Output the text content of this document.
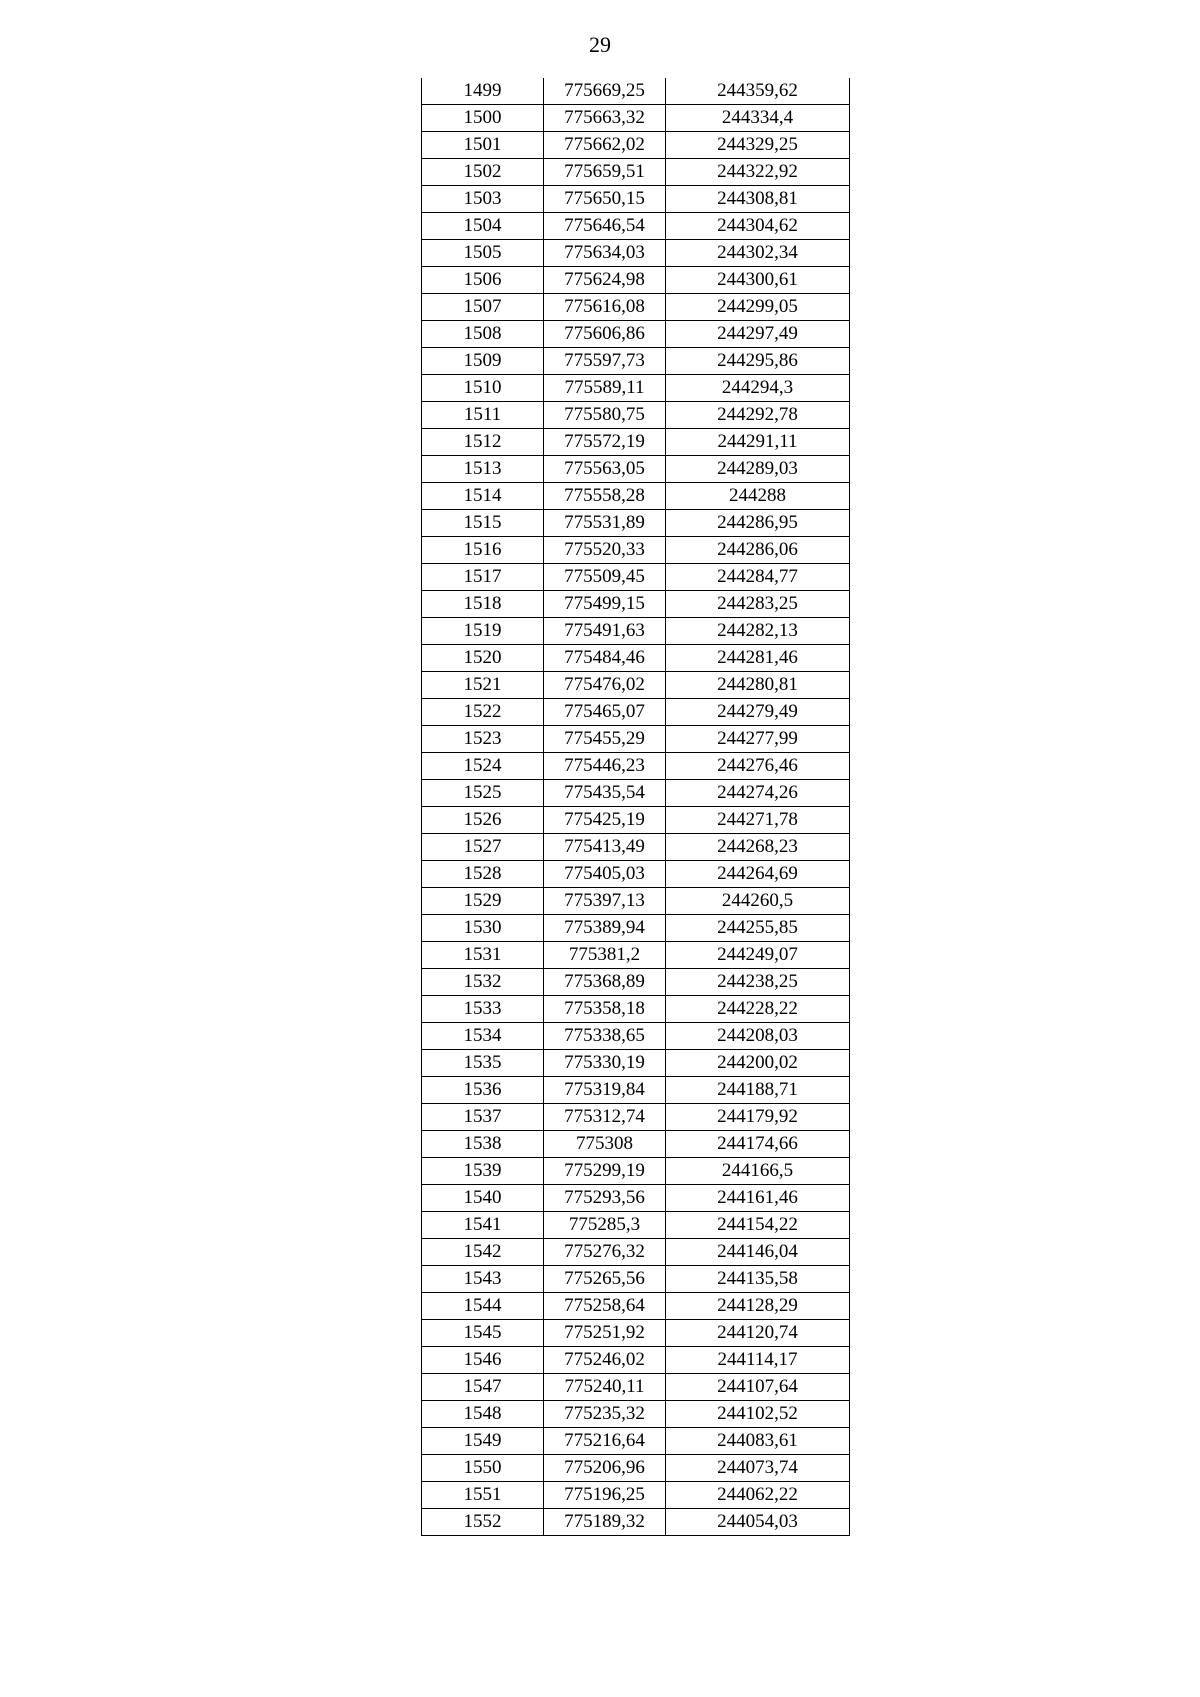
29
1499	775669,25	244359,62
1500	775663,32	244334,4
1501	775662,02	244329,25
1502	775659,51	244322,92
1503	775650,15	244308,81
1504	775646,54	244304,62
1505	775634,03	244302,34
1506	775624,98	244300,61
1507	775616,08	244299,05
1508	775606,86	244297,49
1509	775597,73	244295,86
1510	775589,11	244294,3
1511	775580,75	244292,78
1512	775572,19	244291,11
1513	775563,05	244289,03
1514	775558,28	244288
1515	775531,89	244286,95
1516	775520,33	244286,06
1517	775509,45	244284,77
1518	775499,15	244283,25
1519	775491,63	244282,13
1520	775484,46	244281,46
1521	775476,02	244280,81
1522	775465,07	244279,49
1523	775455,29	244277,99
1524	775446,23	244276,46
1525	775435,54	244274,26
1526	775425,19	244271,78
1527	775413,49	244268,23
1528	775405,03	244264,69
1529	775397,13	244260,5
1530	775389,94	244255,85
1531	775381,2	244249,07
1532	775368,89	244238,25
1533	775358,18	244228,22
1534	775338,65	244208,03
1535	775330,19	244200,02
1536	775319,84	244188,71
1537	775312,74	244179,92
1538	775308	244174,66
1539	775299,19	244166,5
1540	775293,56	244161,46
1541	775285,3	244154,22
1542	775276,32	244146,04
1543	775265,56	244135,58
1544	775258,64	244128,29
1545	775251,92	244120,74
1546	775246,02	244114,17
1547	775240,11	244107,64
1548	775235,32	244102,52
1549	775216,64	244083,61
1550	775206,96	244073,74
1551	775196,25	244062,22
1552	775189,32	244054,03
